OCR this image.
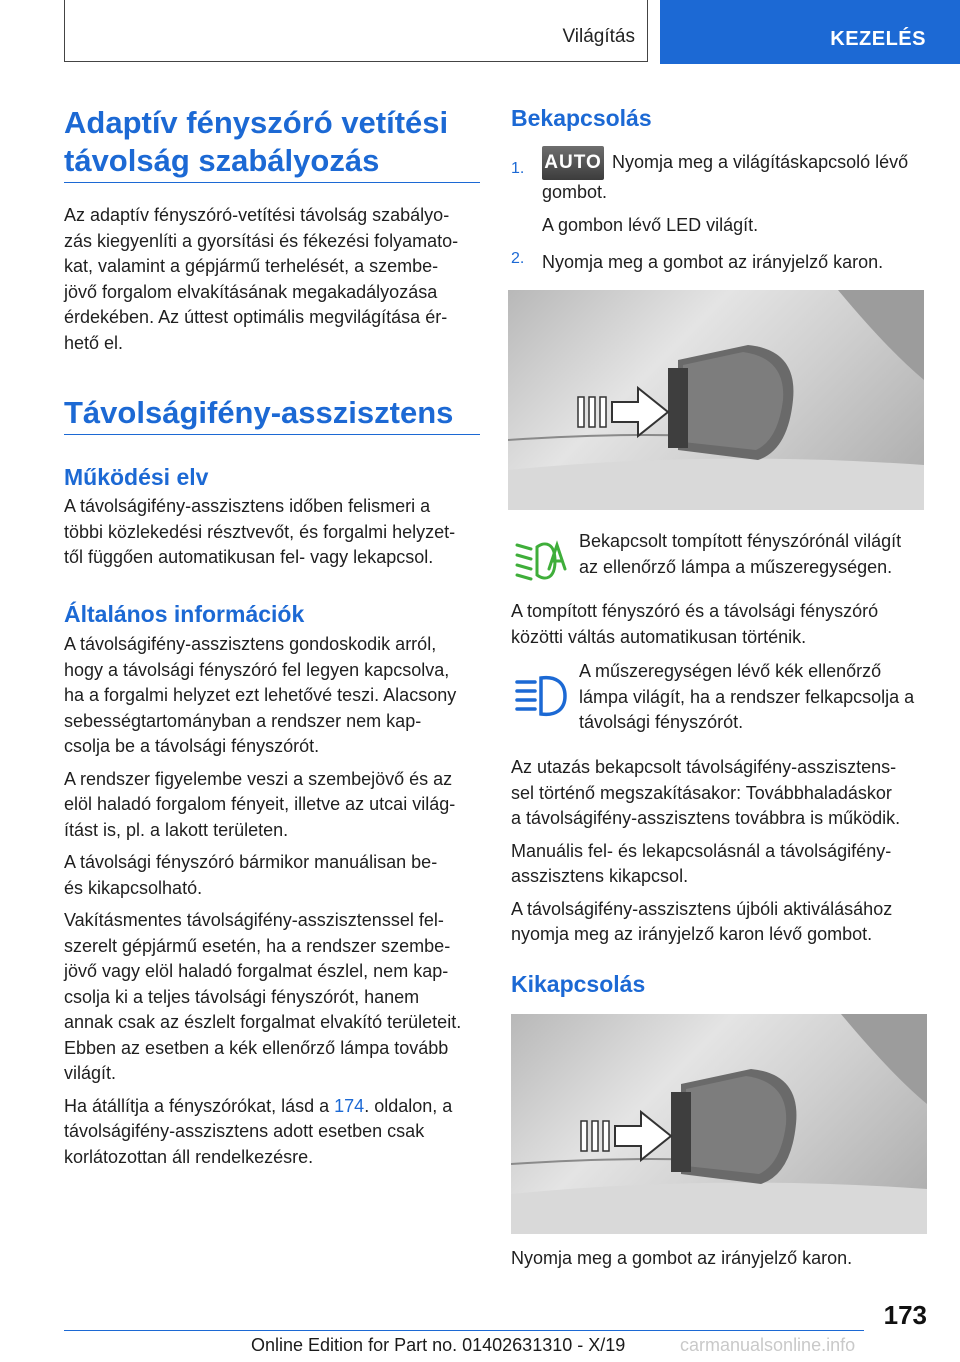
Világítás	KEZELÉS
Adaptív fényszóró vetítési
távolság szabályozás

Az adaptív fényszóró-vetítési távolság szabályo-

zás kiegyenlíti a gyorsítási és fékezési folyamato-

kat, valamint a gépjármű terhelését, a szembe-

jövő forgalom elvakításának megakadályozása

érdekében. Az úttest optimális megvilágítása ér-

hető el.

Távolságifény-asszisztens
Működési elv

A távolságifény-asszisztens időben felismeri a

többi közlekedési résztvevőt, és forgalmi helyzet-

től függően automatikusan fel- vagy lekapcsol.

Általános információk

A távolságifény-asszisztens gondoskodik arról,

hogy a távolsági fényszóró fel legyen kapcsolva,

ha a forgalmi helyzet ezt lehetővé teszi. Alacsony

sebességtartományban a rendszer nem kap-

csolja be a távolsági fényszórót.

A rendszer figyelembe veszi a szembejövő és az

elöl haladó forgalom fényeit, illetve az utcai világ-

ítást is, pl. a lakott területen.

A távolsági fényszóró bármikor manuálisan be-

és kikapcsolható.

Vakításmentes távolságifény-asszisztenssel fel-

szerelt gépjármű esetén, ha a rendszer szembe-

jövő vagy elöl haladó forgalmat észlel, nem kap-

csolja ki a teljes távolsági fényszórót, hanem

annak csak az észlelt forgalmat elvakító területeit.

Ebben az esetben a kék ellenőrző lámpa tovább

világít.

Ha átállítja a fényszórókat, lásd a 174. oldalon, a

távolságifény-asszisztens adott esetben csak

korlátozottan áll rendelkezésre.

Bekapcsolás
1.	AUTO Nyomja meg a világításkapcsoló lévő

gombot.

A gombon lévő LED világít.

2. Nyomja meg a gombot az irányjelző karon.

Bekapcsolt tompított fényszórónál világít

az ellenőrző lámpa a műszeregységen.

A tompított fényszóró és a távolsági fényszóró

közötti váltás automatikusan történik.

A műszeregységen lévő kék ellenőrző

lámpa világít, ha a rendszer felkapcsolja a

távolsági fényszórót.

Az utazás bekapcsolt távolságifény-asszisztens-

sel történő megszakításakor: Továbbhaladáskor

a távolságifény-asszisztens továbbra is működik.

Manuális fel- és lekapcsolásnál a távolságifény-

asszisztens kikapcsol.

A távolságifény-asszisztens újbóli aktiválásához

nyomja meg az irányjelző karon lévő gombot.

Kikapcsolás

Nyomja meg a gombot az irányjelző karon.

173
Online Edition for Part no. 01402631310 - X/19	carmanualsonline.info
